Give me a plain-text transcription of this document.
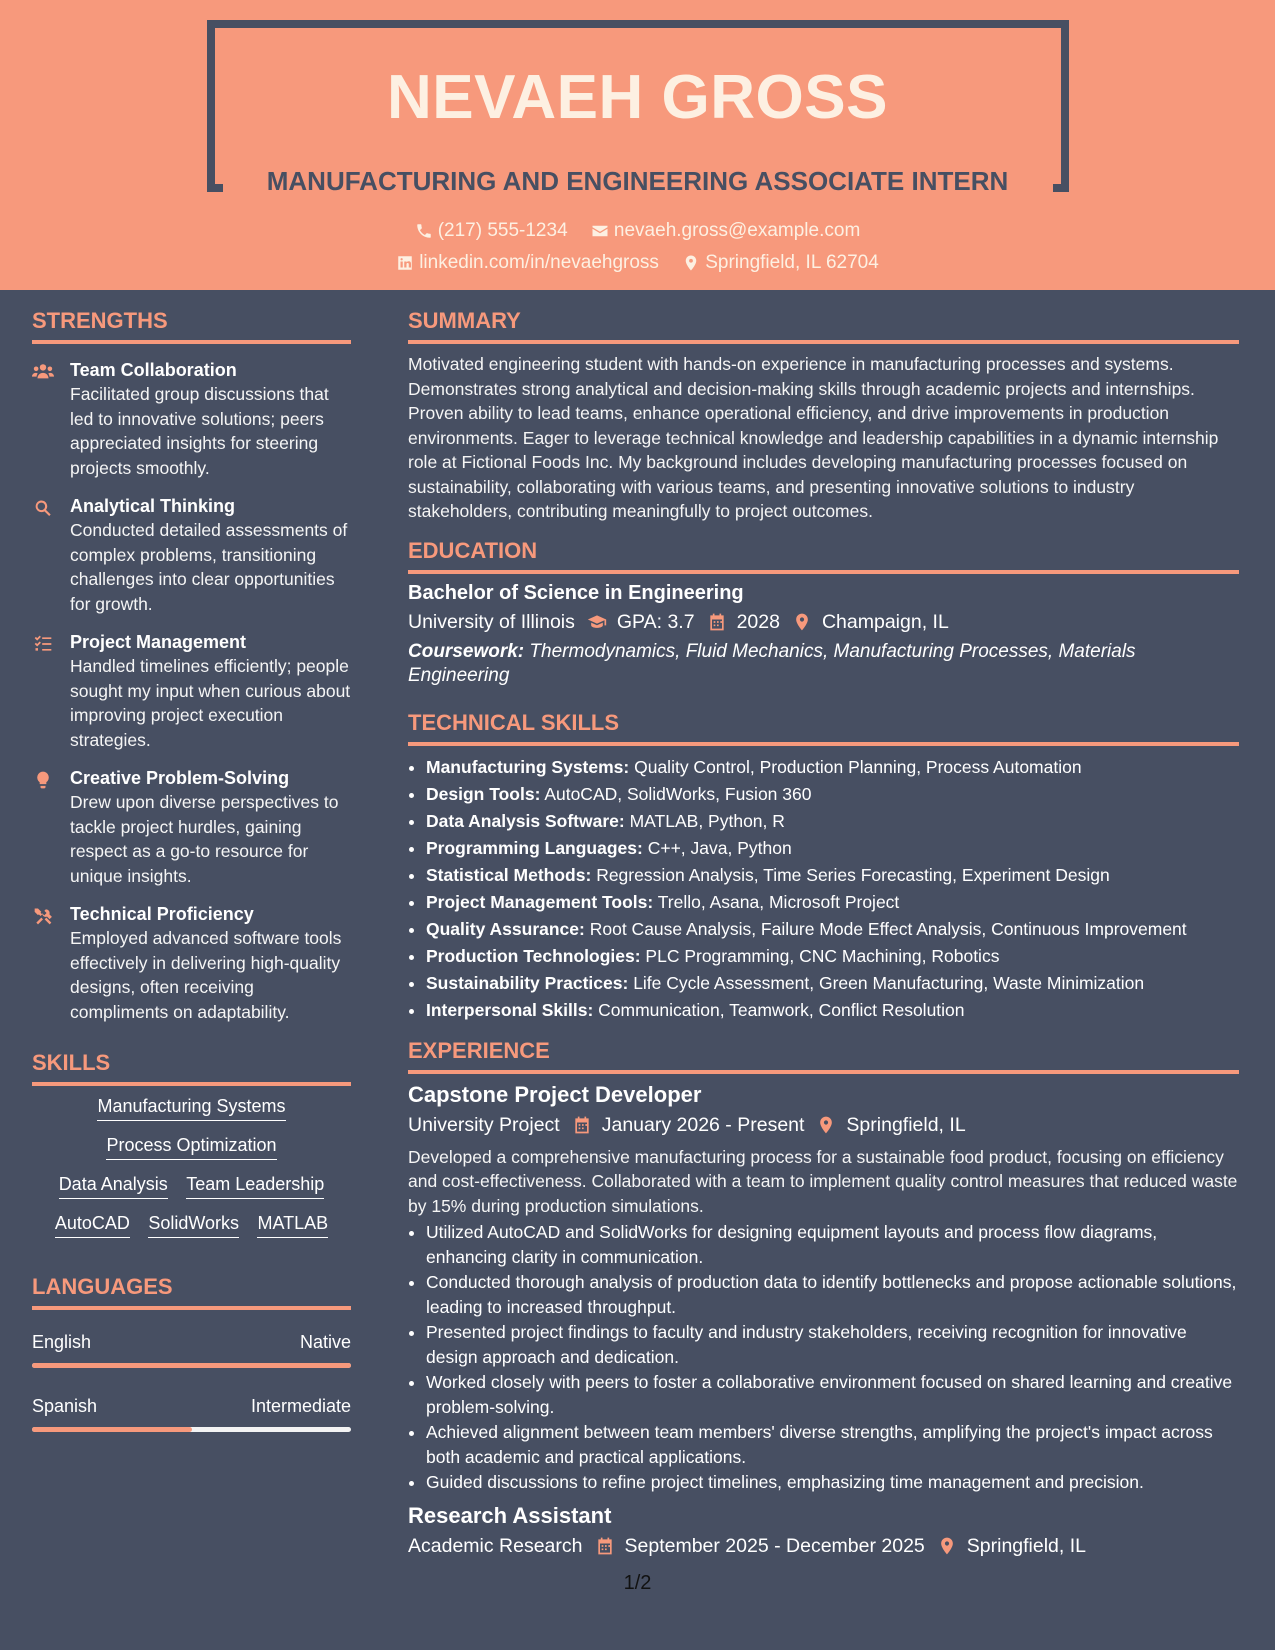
NEVAEH GROSS
MANUFACTURING AND ENGINEERING ASSOCIATE INTERN
(217) 555-1234
nevaeh.gross@example.com
linkedin.com/in/nevaehgross
Springfield, IL 62704
STRENGTHS
Team Collaboration
Facilitated group discussions that led to innovative solutions; peers appreciated insights for steering projects smoothly.
Analytical Thinking
Conducted detailed assessments of complex problems, transitioning challenges into clear opportunities for growth.
Project Management
Handled timelines efficiently; people sought my input when curious about improving project execution strategies.
Creative Problem-Solving
Drew upon diverse perspectives to tackle project hurdles, gaining respect as a go-to resource for unique insights.
Technical Proficiency
Employed advanced software tools effectively in delivering high-quality designs, often receiving compliments on adaptability.
SKILLS
Manufacturing Systems
Process Optimization
Data Analysis Team Leadership
AutoCAD SolidWorks MATLAB
LANGUAGES
English	Native
Spanish	Intermediate
SUMMARY
Motivated engineering student with hands-on experience in manufacturing processes and systems. Demonstrates strong analytical and decision-making skills through academic projects and internships. Proven ability to lead teams, enhance operational efficiency, and drive improvements in production environments. Eager to leverage technical knowledge and leadership capabilities in a dynamic internship role at Fictional Foods Inc. My background includes developing manufacturing processes focused on sustainability, collaborating with various teams, and presenting innovative solutions to industry stakeholders, contributing meaningfully to project outcomes.
EDUCATION
Bachelor of Science in Engineering
University of Illinois GPA: 3.7 2028 Champaign, IL
Coursework: Thermodynamics, Fluid Mechanics, Manufacturing Processes, Materials Engineering
TECHNICAL SKILLS
• Manufacturing Systems: Quality Control, Production Planning, Process Automation
• Design Tools: AutoCAD, SolidWorks, Fusion 360
• Data Analysis Software: MATLAB, Python, R
• Programming Languages: C++, Java, Python
• Statistical Methods: Regression Analysis, Time Series Forecasting, Experiment Design
• Project Management Tools: Trello, Asana, Microsoft Project
• Quality Assurance: Root Cause Analysis, Failure Mode Effect Analysis, Continuous Improvement
• Production Technologies: PLC Programming, CNC Machining, Robotics
• Sustainability Practices: Life Cycle Assessment, Green Manufacturing, Waste Minimization
• Interpersonal Skills: Communication, Teamwork, Conflict Resolution
EXPERIENCE
Capstone Project Developer
University Project January 2026 - Present Springfield, IL
Developed a comprehensive manufacturing process for a sustainable food product, focusing on efficiency and cost-effectiveness. Collaborated with a team to implement quality control measures that reduced waste by 15% during production simulations.
• Utilized AutoCAD and SolidWorks for designing equipment layouts and process flow diagrams, enhancing clarity in communication.
• Conducted thorough analysis of production data to identify bottlenecks and propose actionable solutions, leading to increased throughput.
• Presented project findings to faculty and industry stakeholders, receiving recognition for innovative design approach and dedication.
• Worked closely with peers to foster a collaborative environment focused on shared learning and creative problem-solving.
• Achieved alignment between team members' diverse strengths, amplifying the project's impact across both academic and practical applications.
• Guided discussions to refine project timelines, emphasizing time management and precision.
Research Assistant
Academic Research September 2025 - December 2025 Springfield, IL
1/2
